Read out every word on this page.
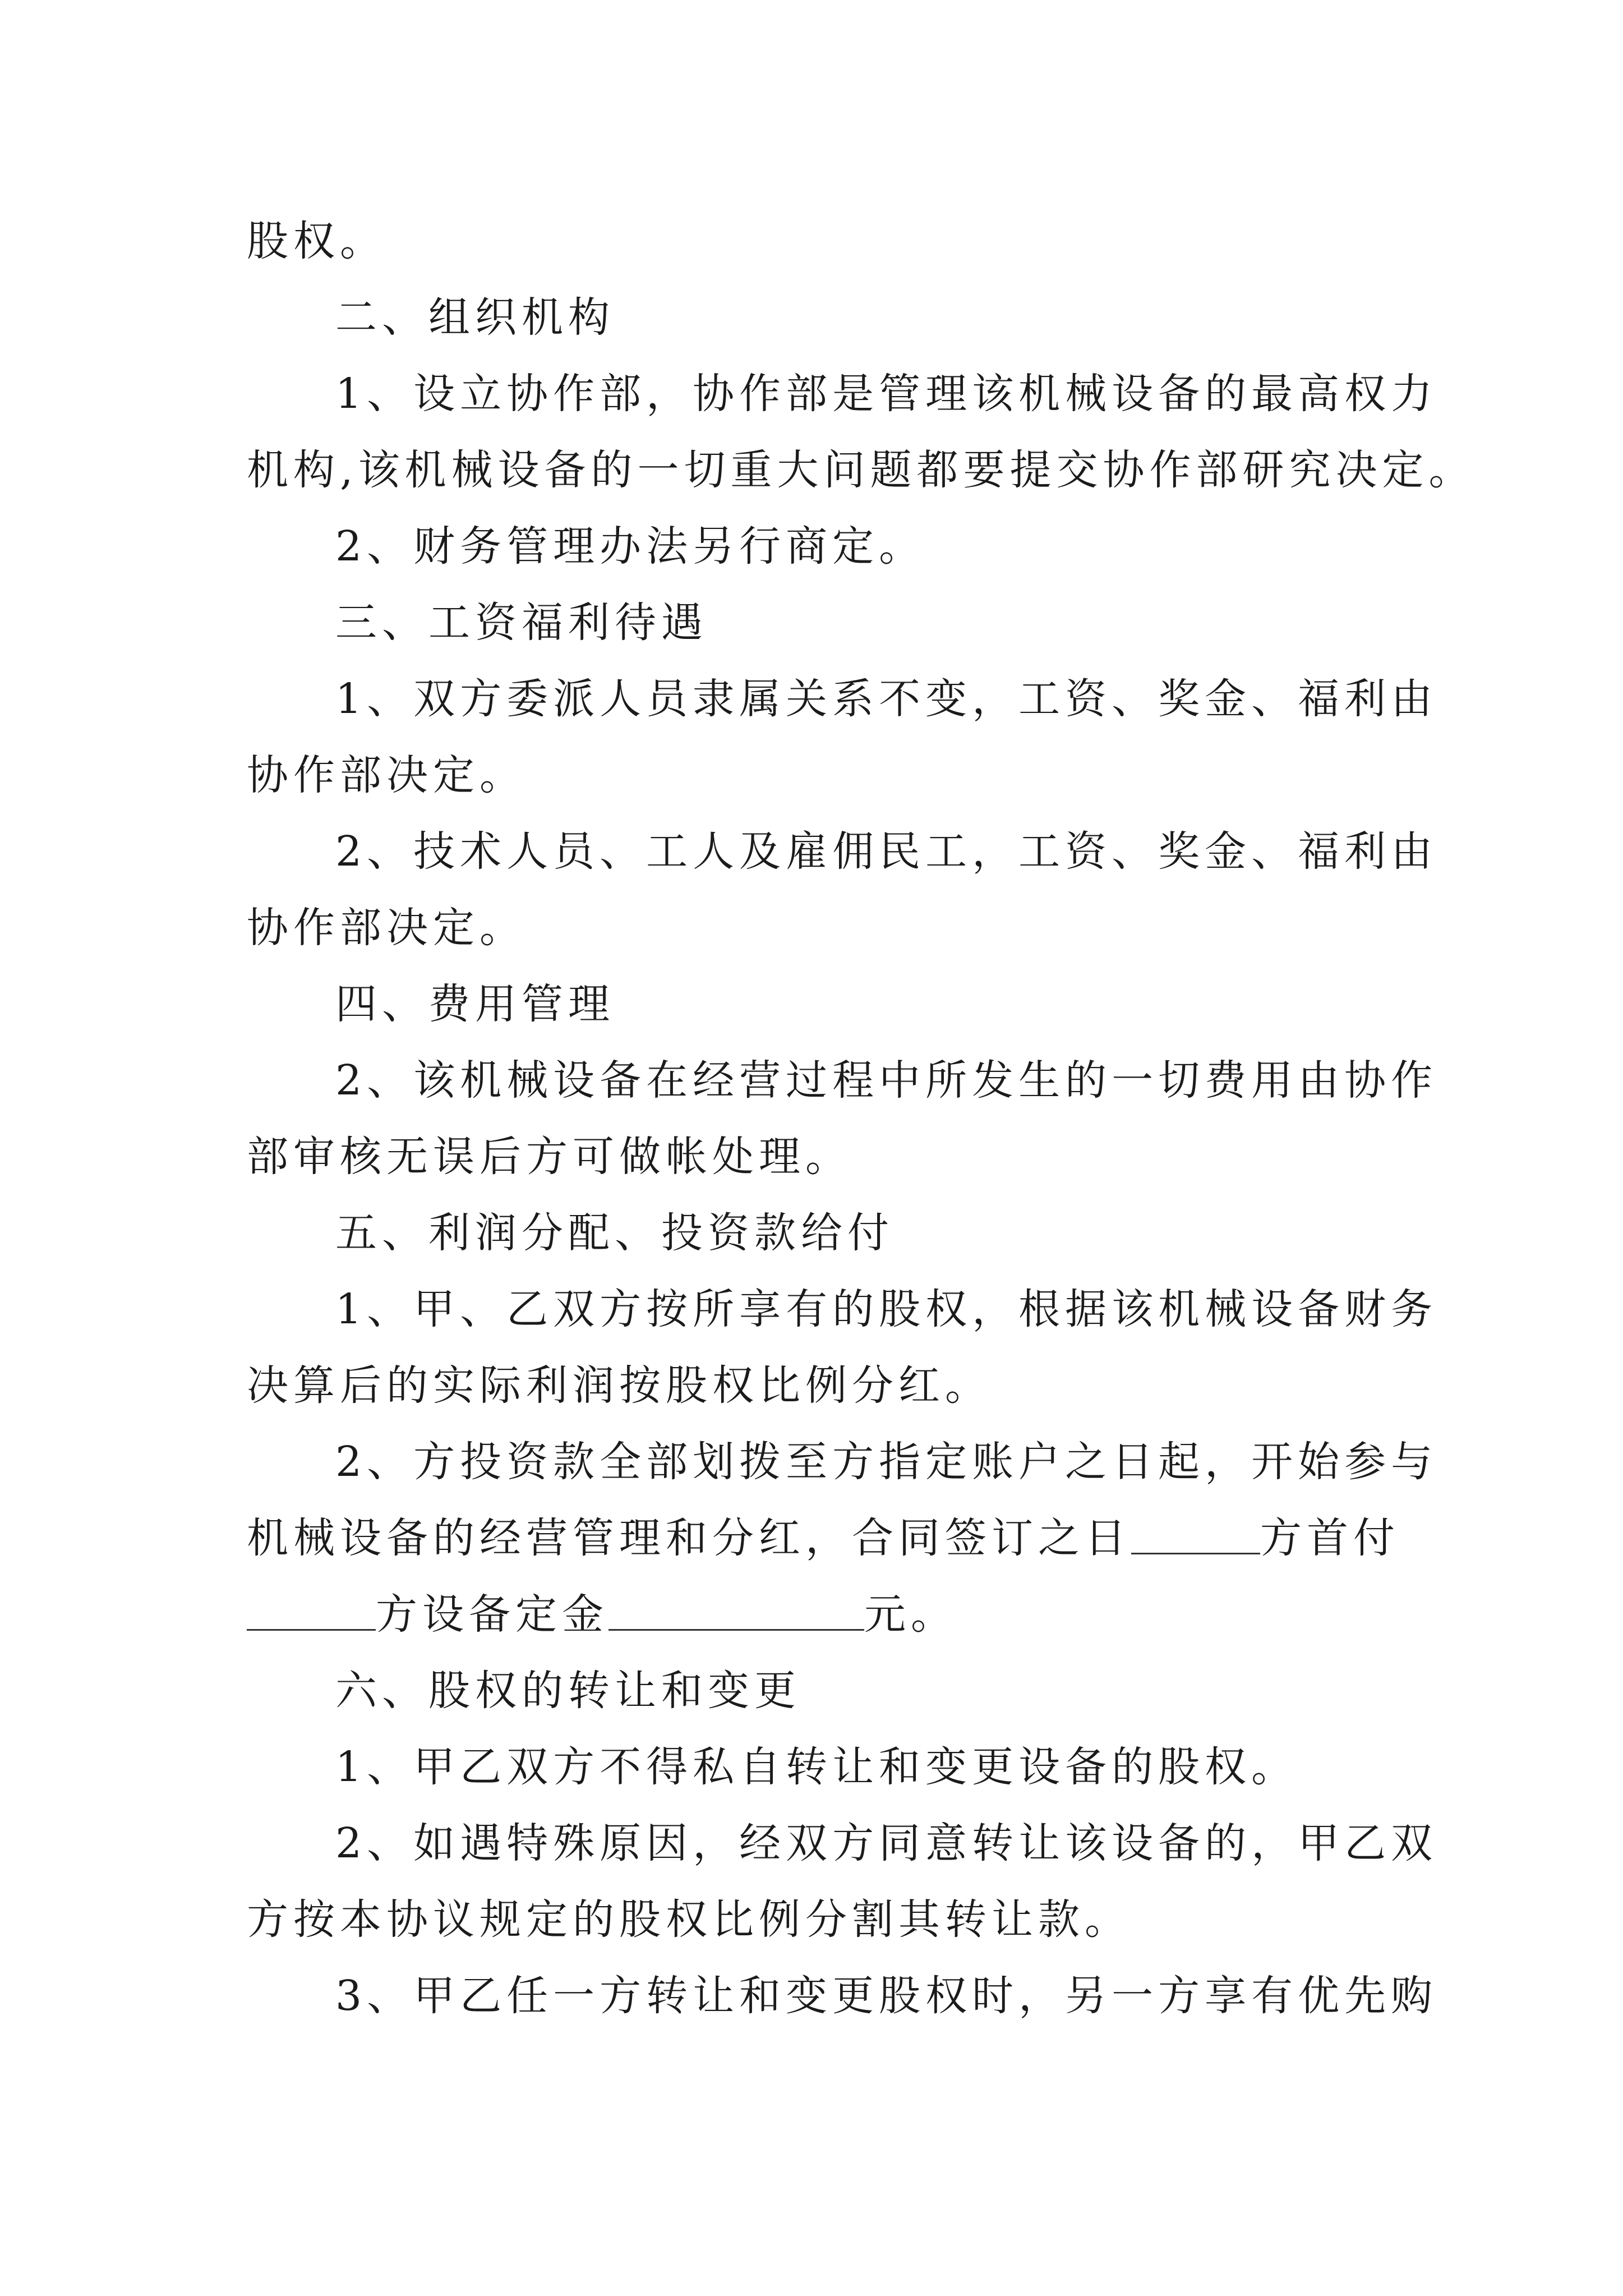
股权。
二、组织机构
1、设立协作部，协作部是管理该机械设备的最高权力
机构,该机械设备的一切重大问题都要提交协作部研究决定。
2、财务管理办法另行商定。
三、工资福利待遇
1、双方委派人员隶属关系不变，工资、奖金、福利由
协作部决定。
2、技术人员、工人及雇佣民工，工资、奖金、福利由
协作部决定。
四、费用管理
2、该机械设备在经营过程中所发生的一切费用由协作
部审核无误后方可做帐处理。
五、利润分配、投资款给付
1、甲、乙双方按所享有的股权，根据该机械设备财务
决算后的实际利润按股权比例分红。
2、方投资款全部划拨至方指定账户之日起，开始参与
机械设备的经营管理和分红，合同签订之日	方首付
方设备定金	元。
六、股权的转让和变更
1、甲乙双方不得私自转让和变更设备的股权。
2、如遇特殊原因，经双方同意转让该设备的，甲乙双
方按本协议规定的股权比例分割其转让款。
3、甲乙任一方转让和变更股权时，另一方享有优先购
